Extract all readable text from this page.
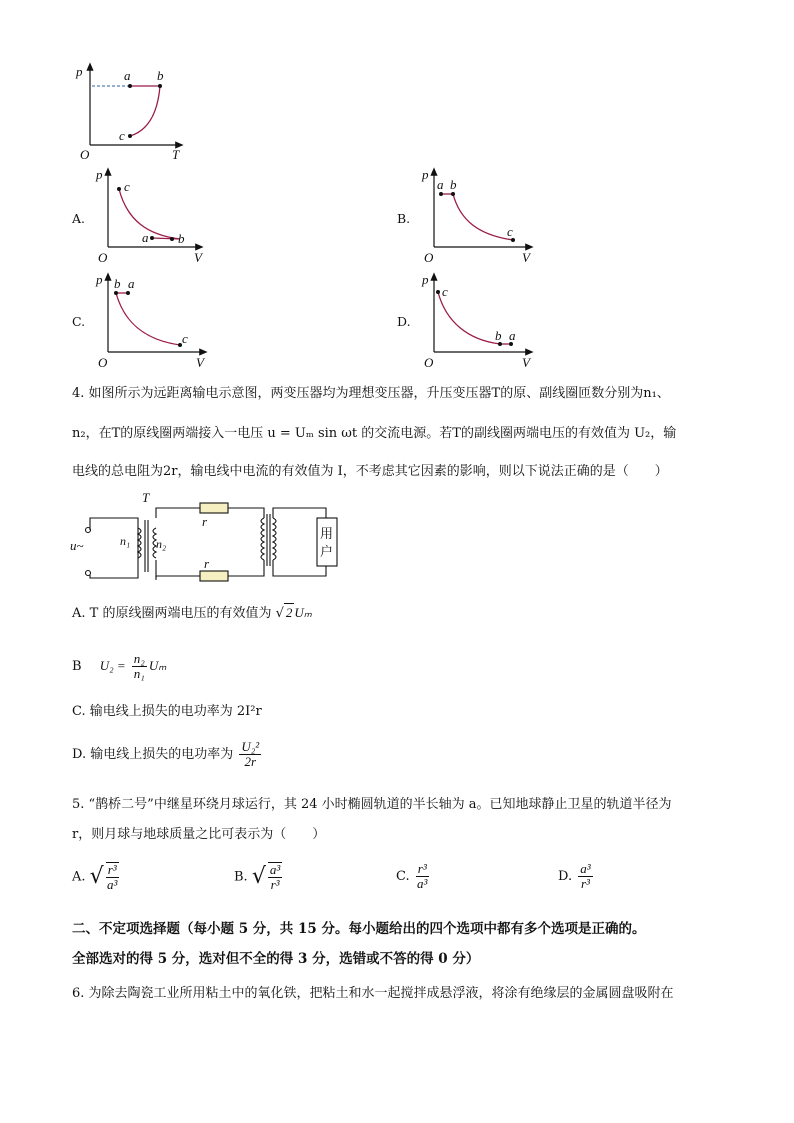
p
T
O
a b
c
A.
p
V
O
c
a b
B.
p
V
O
a b
c
C.
p
V
O
b a
c
D.
p
V
O
c
b a
4. 如图所示为远距离输电示意图，两变压器均为理想变压器，升压变压器T的原、副线圈匝数分别为n₁、
n₂，在T的原线圈两端接入一电压 u = Uₘ sin ωt 的交流电源。若T的副线圈两端电压的有效值为 U₂，输
电线的总电阻为2r，输电线中电流的有效值为 I，不考虑其它因素的影响，则以下说法正确的是（　　）
T
u~	n₁ n₂
r
r
用
户
A. T 的原线圈两端电压的有效值为 √ 2 Uₘ
B $U_2 = \frac{\text{n₂}}{\text{n₁}}$ Uₘ
C. 输电线上损失的电功率为 2I²r
D. 输电线上损失的电功率为 $\frac{\text{U₂²}}{2r}$
5. “鹊桥二号”中继星环绕月球运行，其 24 小时椭圆轨道的半长轴为 a。已知地球静止卫星的轨道半径为
r，则月球与地球质量之比可表示为（　　）
A. √ $\frac{\text{r³}}{\text{a³}}$	B. √ $\frac{\text{a³}}{\text{r³}}$	C. $\frac{\text{r³}}{\text{a³}}$	D. $\frac{\text{a³}}{\text{r³}}$
二、不定项选择题（每小题 5 分，共 15 分。每小题给出的四个选项中都有多个选项是正确的。
全部选对的得 5 分，选对但不全的得 3 分，选错或不答的得 0 分）
6. 为除去陶瓷工业所用粘土中的氧化铁，把粘土和水一起搅拌成悬浮液，将涂有绝缘层的金属圆盘吸附在
